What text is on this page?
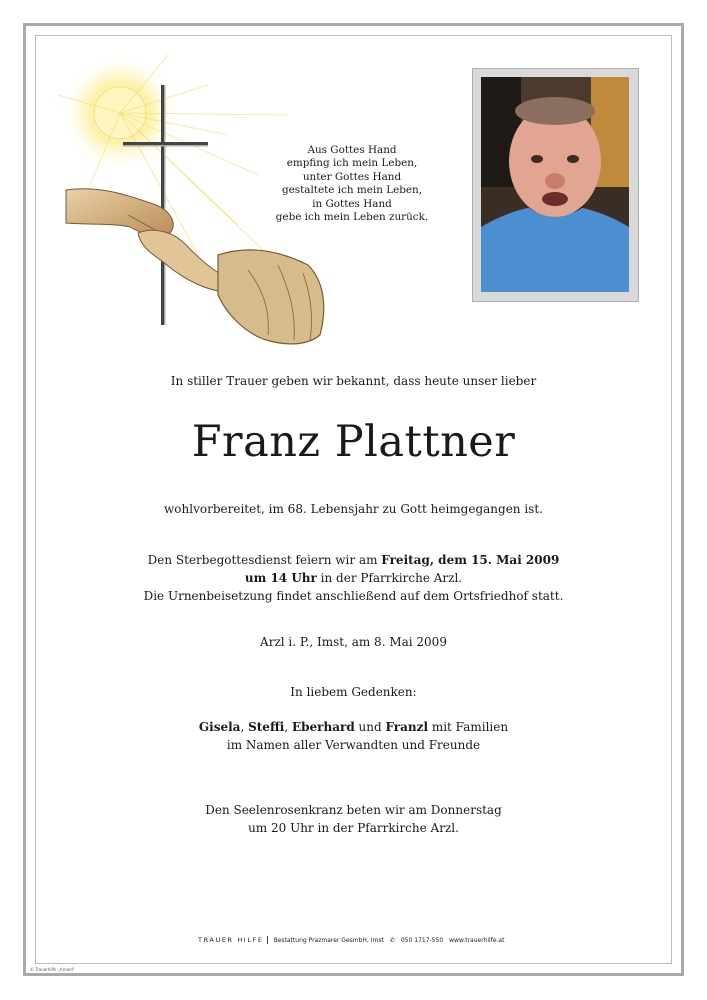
Aus Gottes Hand
empfing ich mein Leben,
unter Gottes Hand
gestaltete ich mein Leben,
in Gottes Hand
gebe ich mein Leben zurück.
In stiller Trauer geben wir bekannt, dass heute unser lieber
Franz Plattner
wohlvorbereitet, im 68. Lebensjahr zu Gott heimgegangen ist.
Den Sterbegottesdienst feiern wir am Freitag, dem 15. Mai 2009
um 14 Uhr in der Pfarrkirche Arzl.
Die Urnenbeisetzung findet anschließend auf dem Ortsfriedhof statt.
Arzl i. P., Imst, am 8. Mai 2009
In liebem Gedenken:
Gisela, Steffi, Eberhard und Franzl mit Familien
im Namen aller Verwandten und Freunde
Den Seelenrosenkranz beten wir am Donnerstag
um 20 Uhr in der Pfarrkirche Arzl.
TRAUER HILFE	Bestattung Prazmarer GesmbH, Imst ✆ 050 1717-550 www.trauerhilfe.at
© Trauerhilfe „Arnold"
